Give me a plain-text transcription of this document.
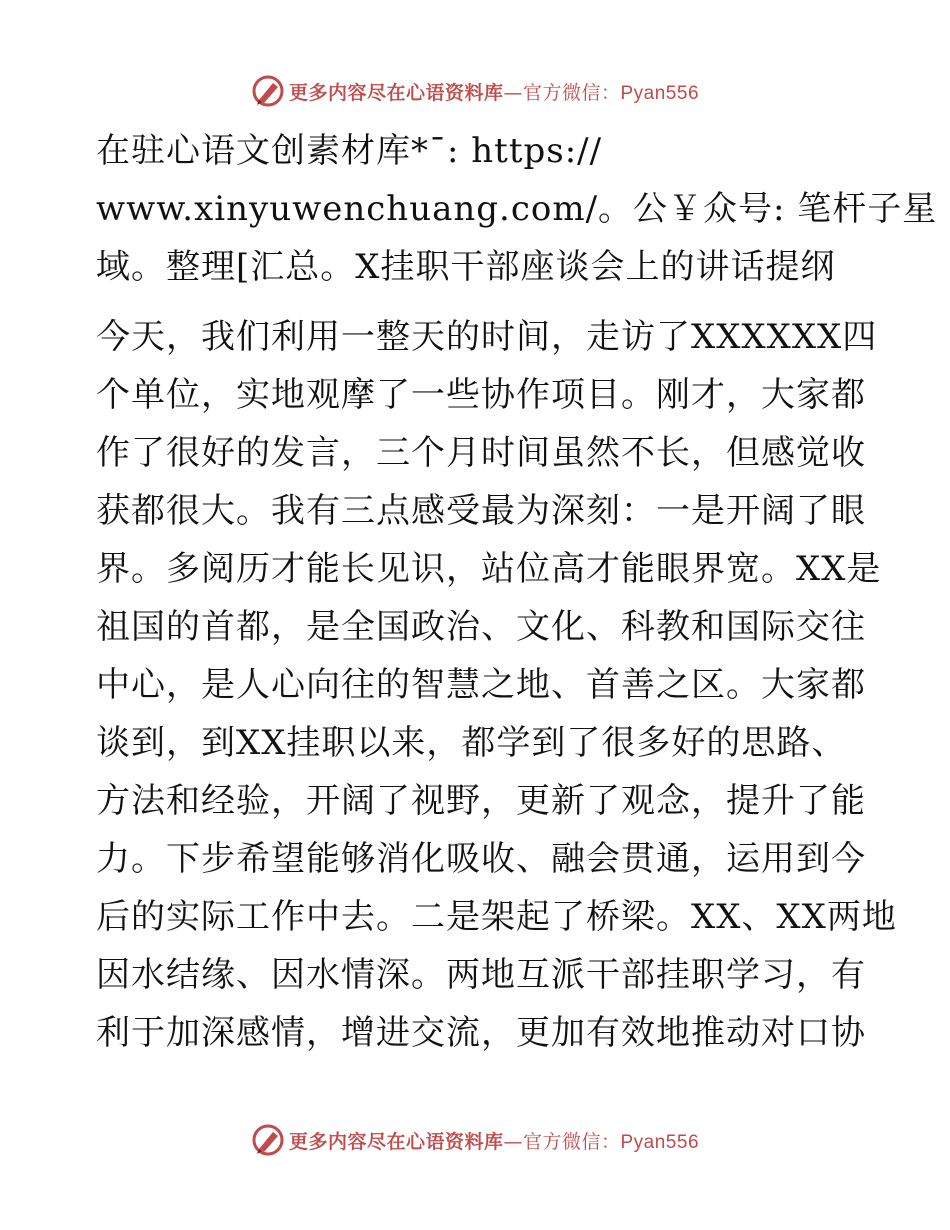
更多内容尽在心语资料库—官方微信：Pyan556
在驻心语文创素材库*¯: https://
www.xinyuwenchuang.com/。公￥众号: 笔杆子星
域。整理[汇总。X挂职干部座谈会上的讲话提纲
今天，我们利用一整天的时间，走访了XXXXXX四
个单位，实地观摩了一些协作项目。刚才，大家都
作了很好的发言，三个月时间虽然不长，但感觉收
获都很大。我有三点感受最为深刻：一是开阔了眼
界。多阅历才能长见识，站位高才能眼界宽。XX是
祖国的首都，是全国政治、文化、科教和国际交往
中心，是人心向往的智慧之地、首善之区。大家都
谈到，到XX挂职以来，都学到了很多好的思路、
方法和经验，开阔了视野，更新了观念，提升了能
力。下步希望能够消化吸收、融会贯通，运用到今
后的实际工作中去。二是架起了桥梁。XX、XX两地
因水结缘、因水情深。两地互派干部挂职学习，有
利于加深感情，增进交流，更加有效地推动对口协
更多内容尽在心语资料库—官方微信：Pyan556
